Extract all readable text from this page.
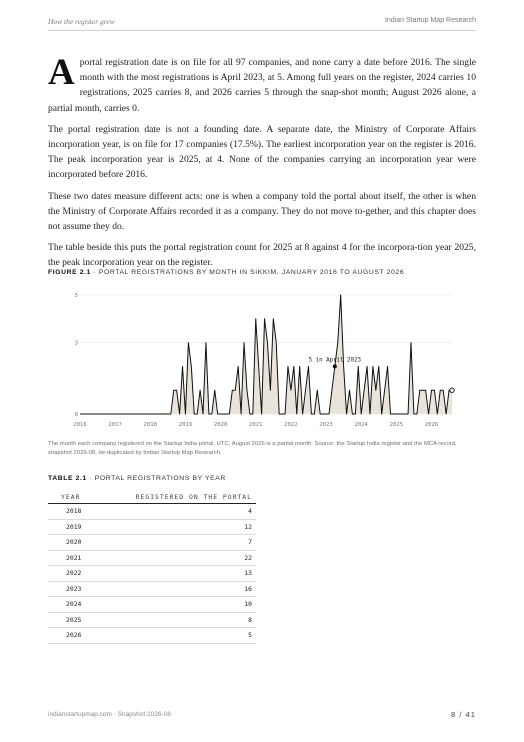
How the register grew	Indian Startup Map Research

Aportal registration date is on file for all 97 companies, and none carry a date before 2016. The single month with the most registrations is April 2023, at 5. Among full years on the register, 2024 carries 10 registrations, 2025 carries 8, and 2026 carries 5 through the snap-shot month; August 2026 alone, a partial month, carries 0.

The portal registration date is not a founding date. A separate date, the Ministry of Corporate Affairs incorporation year, is on file for 17 companies (17.5%). The earliest incorporation year on the register is 2016. The peak incorporation year is 2025, at 4. None of the companies carrying an incorporation year were incorporated before 2016.

These two dates measure different acts: one is when a company told the portal about itself, the other is when the Ministry of Corporate Affairs recorded it as a company. They do not move to-gether, and this chapter does not assume they do.

The table beside this puts the portal registration count for 2025 at 8 against 4 for the incorpora-tion year 2025, the peak incorporation year on the register.

FIGURE 2.1 · PORTAL REGISTRATIONS BY MONTH IN SIKKIM, JANUARY 2016 TO AUGUST 2026
0
3
5
2016	2017	2018	2019	2020	2021	2022	2023	2024	2025	2026
5 in April 2023
The month each company registered on the Startup India portal, UTC; August 2026 is a partial month. Source: the Startup India register and the MCA record, snapshot 2026-08, de-duplicated by Indian Startup Map Research.
TABLE 2.1 · PORTAL REGISTRATIONS BY YEAR
YEAR	REGISTERED ON THE PORTAL
2018	4
2019	12
2020	7
2021	22
2022	13
2023	16
2024	10
2025	8
2026	5
indianstartupmap.com · Snapshot 2026-08	8 / 41
